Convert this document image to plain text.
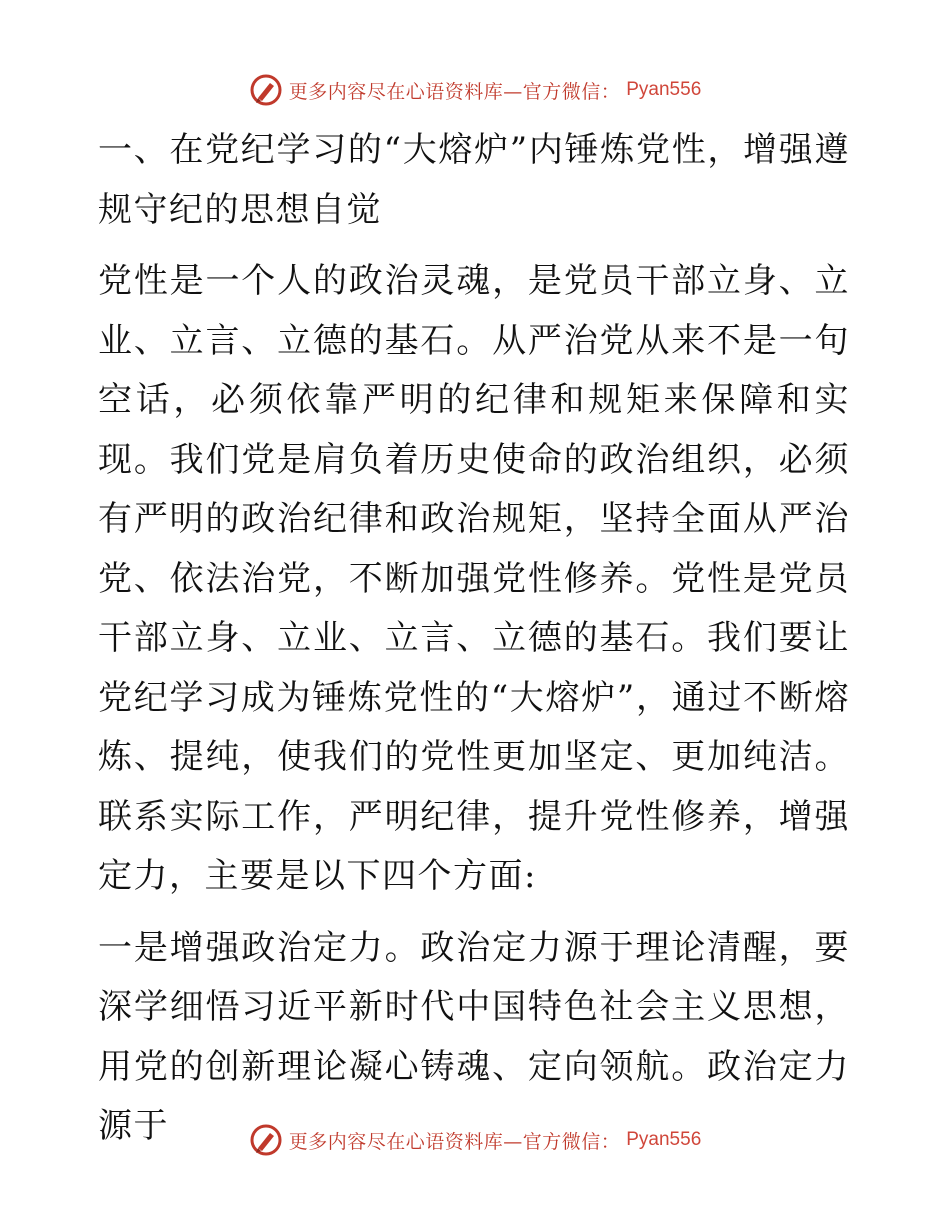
更多内容尽在心语资料库—官方微信： Pyan556
一、在党纪学习的“大熔炉”内锤炼党性，增强遵规守纪的思想自觉

党性是一个人的政治灵魂，是党员干部立身、立业、立言、立德的基石。从严治党从来不是一句空话，必须依靠严明的纪律和规矩来保障和实现。我们党是肩负着历史使命的政治组织，必须有严明的政治纪律和政治规矩，坚持全面从严治党、依法治党，不断加强党性修养。党性是党员干部立身、立业、立言、立德的基石。我们要让党纪学习成为锤炼党性的“大熔炉”，通过不断熔炼、提纯，使我们的党性更加坚定、更加纯洁。联系实际工作，严明纪律，提升党性修养，增强定力，主要是以下四个方面:

一是增强政治定力。政治定力源于理论清醒，要深学细悟习近平新时代中国特色社会主义思想，用党的创新理论凝心铸魂、定向领航。政治定力源于	更多内容尽在心语资料库—官方微信： Pyan556
